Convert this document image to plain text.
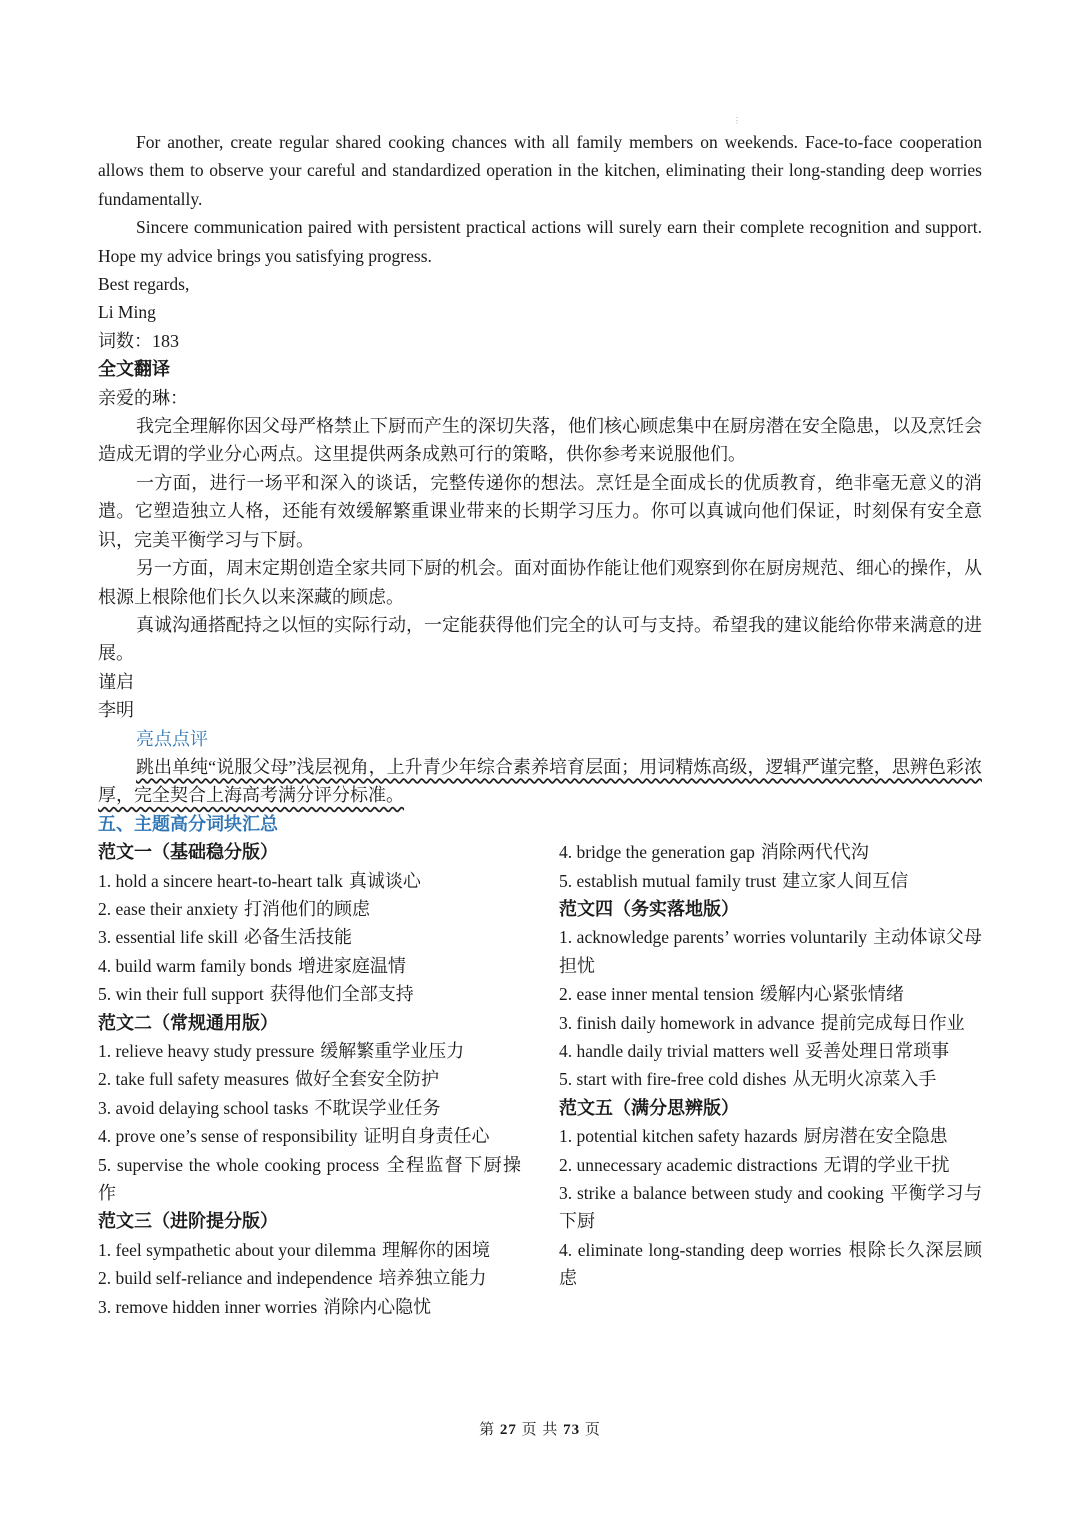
⋮

For another, create regular shared cooking chances with all family members on weekends. Face-to-face cooperation allows them to observe your careful and standardized operation in the kitchen, eliminating their long-standing deep worries fundamentally.

Sincere communication paired with persistent practical actions will surely earn their complete recognition and support. Hope my advice brings you satisfying progress.

Best regards,

Li Ming

词数：183

全文翻译

亲爱的琳：

我完全理解你因父母严格禁止下厨而产生的深切失落，他们核心顾虑集中在厨房潜在安全隐患，以及烹饪会造成无谓的学业分心两点。这里提供两条成熟可行的策略，供你参考来说服他们。

一方面，进行一场平和深入的谈话，完整传递你的想法。烹饪是全面成长的优质教育，绝非毫无意义的消遣。它塑造独立人格，还能有效缓解繁重课业带来的长期学习压力。你可以真诚向他们保证，时刻保有安全意识，完美平衡学习与下厨。

另一方面，周末定期创造全家共同下厨的机会。面对面协作能让他们观察到你在厨房规范、细心的操作，从根源上根除他们长久以来深藏的顾虑。

真诚沟通搭配持之以恒的实际行动，一定能获得他们完全的认可与支持。希望我的建议能给你带来满意的进展。

谨启

李明

亮点点评

跳出单纯“说服父母”浅层视角，上升青少年综合素养培育层面；用词精炼高级，逻辑严谨完整，思辨色彩浓厚，完全契合上海高考满分评分标准。

五、主题高分词块汇总

范文一（基础稳分版）

1. hold a sincere heart-to-heart talk 真诚谈心

2. ease their anxiety 打消他们的顾虑

3. essential life skill 必备生活技能

4. build warm family bonds 增进家庭温情

5. win their full support 获得他们全部支持

范文二（常规通用版）

1. relieve heavy study pressure 缓解繁重学业压力

2. take full safety measures 做好全套安全防护

3. avoid delaying school tasks 不耽误学业任务

4. prove one’s sense of responsibility 证明自身责任心

5. supervise the whole cooking process 全程监督下厨操作

范文三（进阶提分版）

1. feel sympathetic about your dilemma 理解你的困境

2. build self-reliance and independence 培养独立能力

3. remove hidden inner worries 消除内心隐忧

4. bridge the generation gap 消除两代代沟

5. establish mutual family trust 建立家人间互信

范文四（务实落地版）

1. acknowledge parents’ worries voluntarily 主动体谅父母担忧

2. ease inner mental tension 缓解内心紧张情绪

3. finish daily homework in advance 提前完成每日作业

4. handle daily trivial matters well 妥善处理日常琐事

5. start with fire-free cold dishes 从无明火凉菜入手

范文五（满分思辨版）

1. potential kitchen safety hazards 厨房潜在安全隐患

2. unnecessary academic distractions 无谓的学业干扰

3. strike a balance between study and cooking 平衡学习与下厨

4. eliminate long-standing deep worries 根除长久深层顾虑

第 27 页 共 73 页
